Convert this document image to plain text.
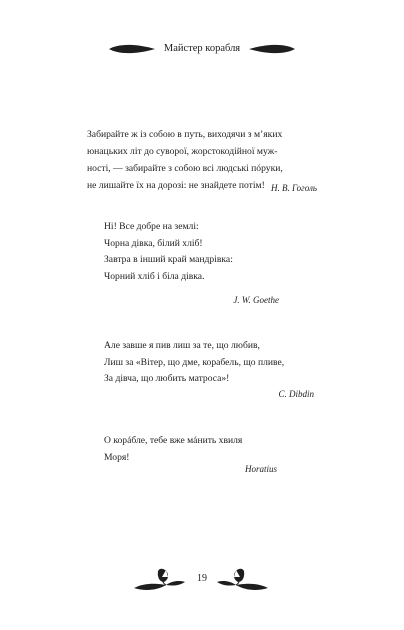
Майстер корабля
Забирайте ж із собою в путь, виходячи з м’яких
юнацьких літ до суворої, жорстокодійної муж-
ності, — забирайте з собою всі людські пóруки,
не лишайте їх на дорозі: не знайдете потім! Н. В. Гоголь
Ні! Все добре на землі:
Чорна дівка, білий хліб!
Завтра в інший край мандрівка:
Чорний хліб і біла дівка.
J. W. Goethe
Але завше я пив лиш за те, що любив,
Лиш за «Вітер, що дме, корабель, що пливе,
За дівча, що любить матроса»!
C. Dibdin
О корáбле, тебе вже мáнить хвиля
Моря!
Horatius
19
